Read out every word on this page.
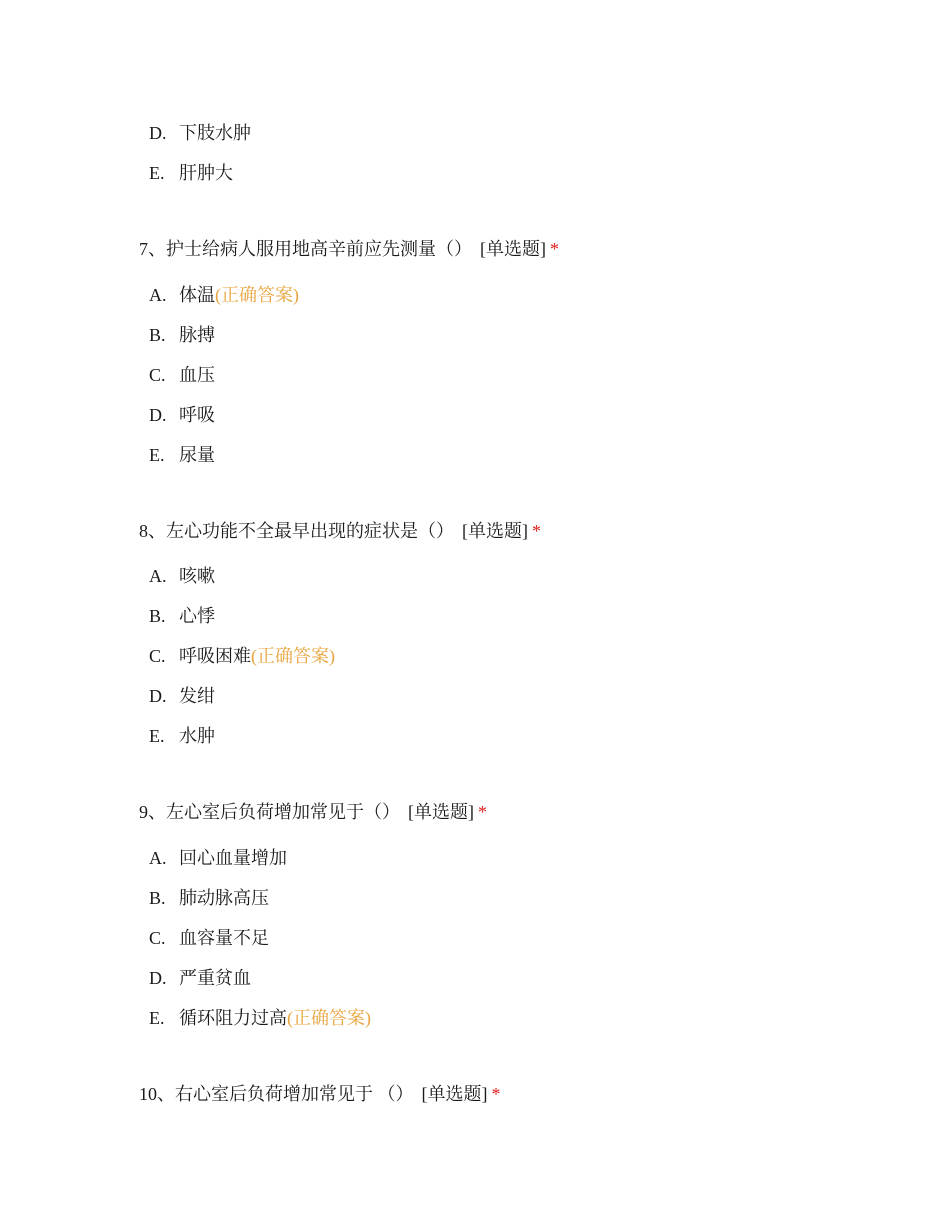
D. 下肢水肿
E. 肝肿大
7、护士给病人服用地高辛前应先测量（） [单选题] *
A. 体温(正确答案)
B. 脉搏
C. 血压
D. 呼吸
E. 尿量
8、左心功能不全最早出现的症状是（） [单选题] *
A. 咳嗽
B. 心悸
C. 呼吸困难(正确答案)
D. 发绀
E. 水肿
9、左心室后负荷增加常见于（） [单选题] *
A. 回心血量增加
B. 肺动脉高压
C. 血容量不足
D. 严重贫血
E. 循环阻力过高(正确答案)
10、右心室后负荷增加常见于 （） [单选题] *
